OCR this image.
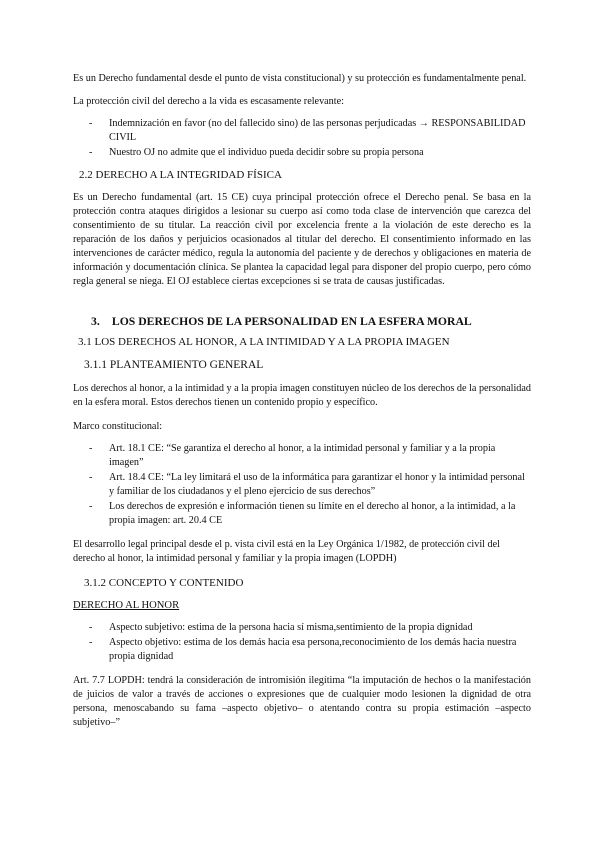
Es un Derecho fundamental desde el punto de vista constitucional) y su protección es fundamentalmente penal.

La protección civil del derecho a la vida es escasamente relevante:

- Indemnización en favor (no del fallecido sino) de las personas perjudicadas → RESPONSABILIDAD CIVIL
- Nuestro OJ no admite que el individuo pueda decidir sobre su propia persona
2.2 DERECHO A LA INTEGRIDAD FÍSICA

Es un Derecho fundamental (art. 15 CE) cuya principal protección ofrece el Derecho penal. Se basa en la protección contra ataques dirigidos a lesionar su cuerpo así como toda clase de intervención que carezca del consentimiento de su titular. La reacción civil por excelencia frente a la violación de este derecho es la reparación de los daños y perjuicios ocasionados al titular del derecho. El consentimiento informado en las intervenciones de carácter médico, regula la autonomía del paciente y de derechos y obligaciones en materia de información y documentación clínica. Se plantea la capacidad legal para disponer del propio cuerpo, pero cómo regla general se niega. El OJ establece ciertas excepciones si se trata de causas justificadas.

3. LOS DERECHOS DE LA PERSONALIDAD EN LA ESFERA MORAL
3.1 LOS DERECHOS AL HONOR, A LA INTIMIDAD Y A LA PROPIA IMAGEN
3.1.1 PLANTEAMIENTO GENERAL

Los derechos al honor, a la intimidad y a la propia imagen constituyen núcleo de los derechos de la personalidad en la esfera moral. Estos derechos tienen un contenido propio y específico.

Marco constitucional:

- Art. 18.1 CE: “Se garantiza el derecho al honor, a la intimidad personal y familiar y a la propia imagen”
- Art. 18.4 CE: “La ley limitará el uso de la informática para garantizar el honor y la intimidad personal y familiar de los ciudadanos y el pleno ejercicio de sus derechos”
- Los derechos de expresión e información tienen su límite en el derecho al honor, a la intimidad, a la propia imagen: art. 20.4 CE

El desarrollo legal principal desde el p. vista civil está en la Ley Orgánica 1/1982, de protección civil del derecho al honor, la intimidad personal y familiar y la propia imagen (LOPDH)

3.1.2 CONCEPTO Y CONTENIDO
DERECHO AL HONOR
- Aspecto subjetivo: estima de la persona hacia sí misma,sentimiento de la propia dignidad
- Aspecto objetivo: estima de los demás hacia esa persona,reconocimiento de los demás hacia nuestra propia dignidad

Art. 7.7 LOPDH: tendrá la consideración de intromisión ilegítima “la imputación de hechos o la manifestación de juicios de valor a través de acciones o expresiones que de cualquier modo lesionen la dignidad de otra persona, menoscabando su fama –aspecto objetivo– o atentando contra su propia estimación –aspecto subjetivo–”
